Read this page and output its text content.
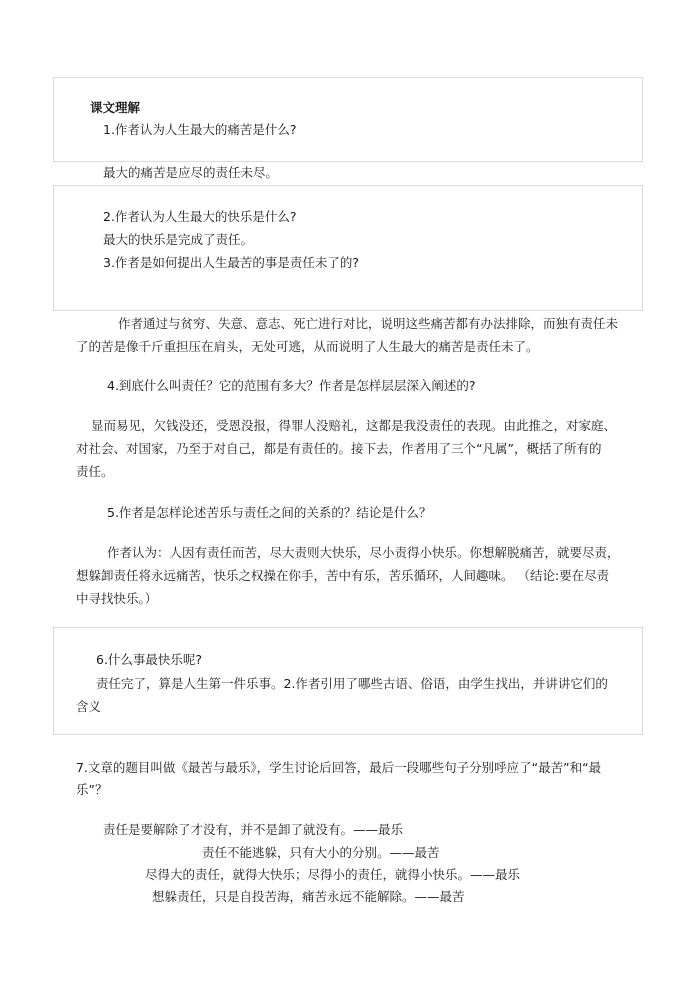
课文理解
1.作者认为人生最大的痛苦是什么?
最大的痛苦是应尽的责任未尽。
2.作者认为人生最大的快乐是什么?
最大的快乐是完成了责任。
3.作者是如何提出人生最苦的事是责任未了的?
作者通过与贫穷、失意、意志、死亡进行对比，说明这些痛苦都有办法排除，而独有责任未
了的苦是像千斤重担压在肩头，无处可逃，从而说明了人生最大的痛苦是责任未了。
4.到底什么叫责任？它的范围有多大？作者是怎样层层深入阐述的?
显而易见，欠钱没还，受恩没报，得罪人没赔礼，这都是我没责任的表现。由此推之，对家庭、
对社会、对国家，乃至于对自己，都是有责任的。接下去，作者用了三个“凡属”，概括了所有的
责任。
5.作者是怎样论述苦乐与责任之间的关系的？结论是什么？
作者认为：人因有责任而苦，尽大责则大快乐，尽小责得小快乐。你想解脱痛苦，就要尽责，
想躲卸责任将永远痛苦，快乐之权操在你手，苦中有乐，苦乐循环，人间趣味。 （结论:要在尽责
中寻找快乐。）
6.什么事最快乐呢?
责任完了，算是人生第一件乐事。2.作者引用了哪些古语、俗语，由学生找出，并讲讲它们的
含义
7.文章的题目叫做《最苦与最乐》，学生讨论后回答，最后一段哪些句子分别呼应了“最苦”和“最
乐”？
责任是要解除了才没有，并不是卸了就没有。——最乐
责任不能逃躲，只有大小的分别。——最苦
尽得大的责任，就得大快乐；尽得小的责任，就得小快乐。——最乐
想躲责任，只是自投苦海，痛苦永远不能解除。——最苦
